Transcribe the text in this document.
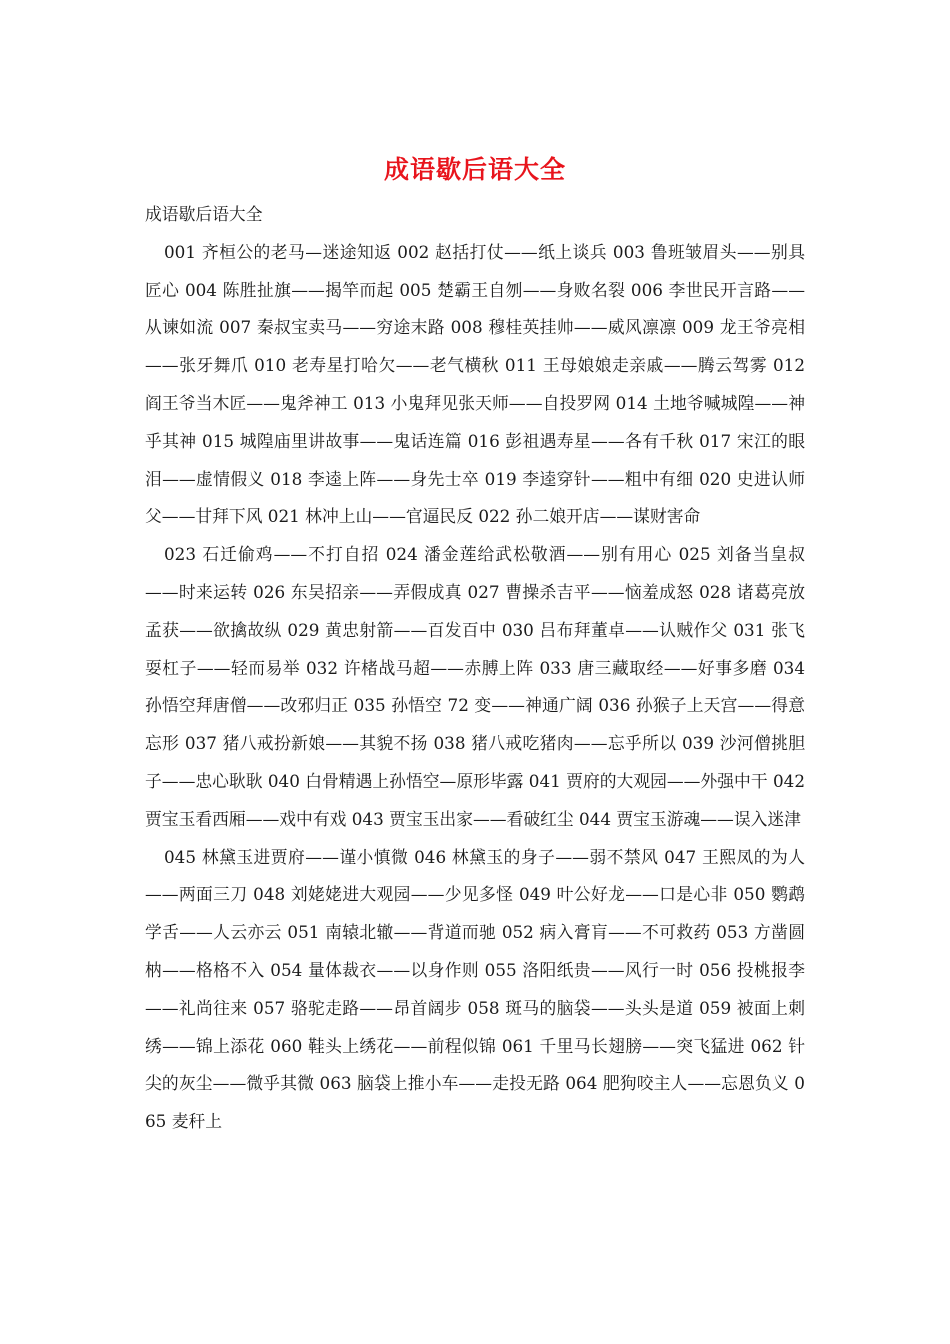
成语歇后语大全

成语歇后语大全

001 齐桓公的老马—迷途知返 002 赵括打仗——纸上谈兵 003 鲁班皱眉头——别具匠心 004 陈胜扯旗——揭竿而起 005 楚霸王自刎——身败名裂 006 李世民开言路——从谏如流 007 秦叔宝卖马——穷途末路 008 穆桂英挂帅——威风凛凛 009 龙王爷亮相——张牙舞爪 010 老寿星打哈欠——老气横秋 011 王母娘娘走亲戚——腾云驾雾 012 阎王爷当木匠——鬼斧神工 013 小鬼拜见张天师——自投罗网 014 土地爷喊城隍——神乎其神 015 城隍庙里讲故事——鬼话连篇 016 彭祖遇寿星——各有千秋 017 宋江的眼泪——虚情假义 018 李逵上阵——身先士卒 019 李逵穿针——粗中有细 020 史进认师父——甘拜下风 021 林冲上山——官逼民反 022 孙二娘开店——谋财害命

023 石迁偷鸡——不打自招 024 潘金莲给武松敬酒——别有用心 025 刘备当皇叔——时来运转 026 东吴招亲——弄假成真 027 曹操杀吉平——恼羞成怒 028 诸葛亮放孟获——欲擒故纵 029 黄忠射箭——百发百中 030 吕布拜董卓——认贼作父 031 张飞耍杠子——轻而易举 032 许楮战马超——赤膊上阵 033 唐三藏取经——好事多磨 034 孙悟空拜唐僧——改邪归正 035 孙悟空 72 变——神通广阔 036 孙猴子上天宫——得意忘形 037 猪八戒扮新娘——其貌不扬 038 猪八戒吃猪肉——忘乎所以 039 沙河僧挑胆子——忠心耿耿 040 白骨精遇上孙悟空—原形毕露 041 贾府的大观园——外强中干 042 贾宝玉看西厢——戏中有戏 043 贾宝玉出家——看破红尘 044 贾宝玉游魂——误入迷津

045 林黛玉进贾府——谨小慎微 046 林黛玉的身子——弱不禁风 047 王熙凤的为人——两面三刀 048 刘姥姥进大观园——少见多怪 049 叶公好龙——口是心非 050 鹦鹉学舌——人云亦云 051 南辕北辙——背道而驰 052 病入膏肓——不可救药 053 方凿圆枘——格格不入 054 量体裁衣——以身作则 055 洛阳纸贵——风行一时 056 投桃报李——礼尚往来 057 骆驼走路——昂首阔步 058 斑马的脑袋——头头是道 059 被面上刺绣——锦上添花 060 鞋头上绣花——前程似锦 061 千里马长翅膀——突飞猛进 062 针尖的灰尘——微乎其微 063 脑袋上推小车——走投无路 064 肥狗咬主人——忘恩负义 065 麦秆上
